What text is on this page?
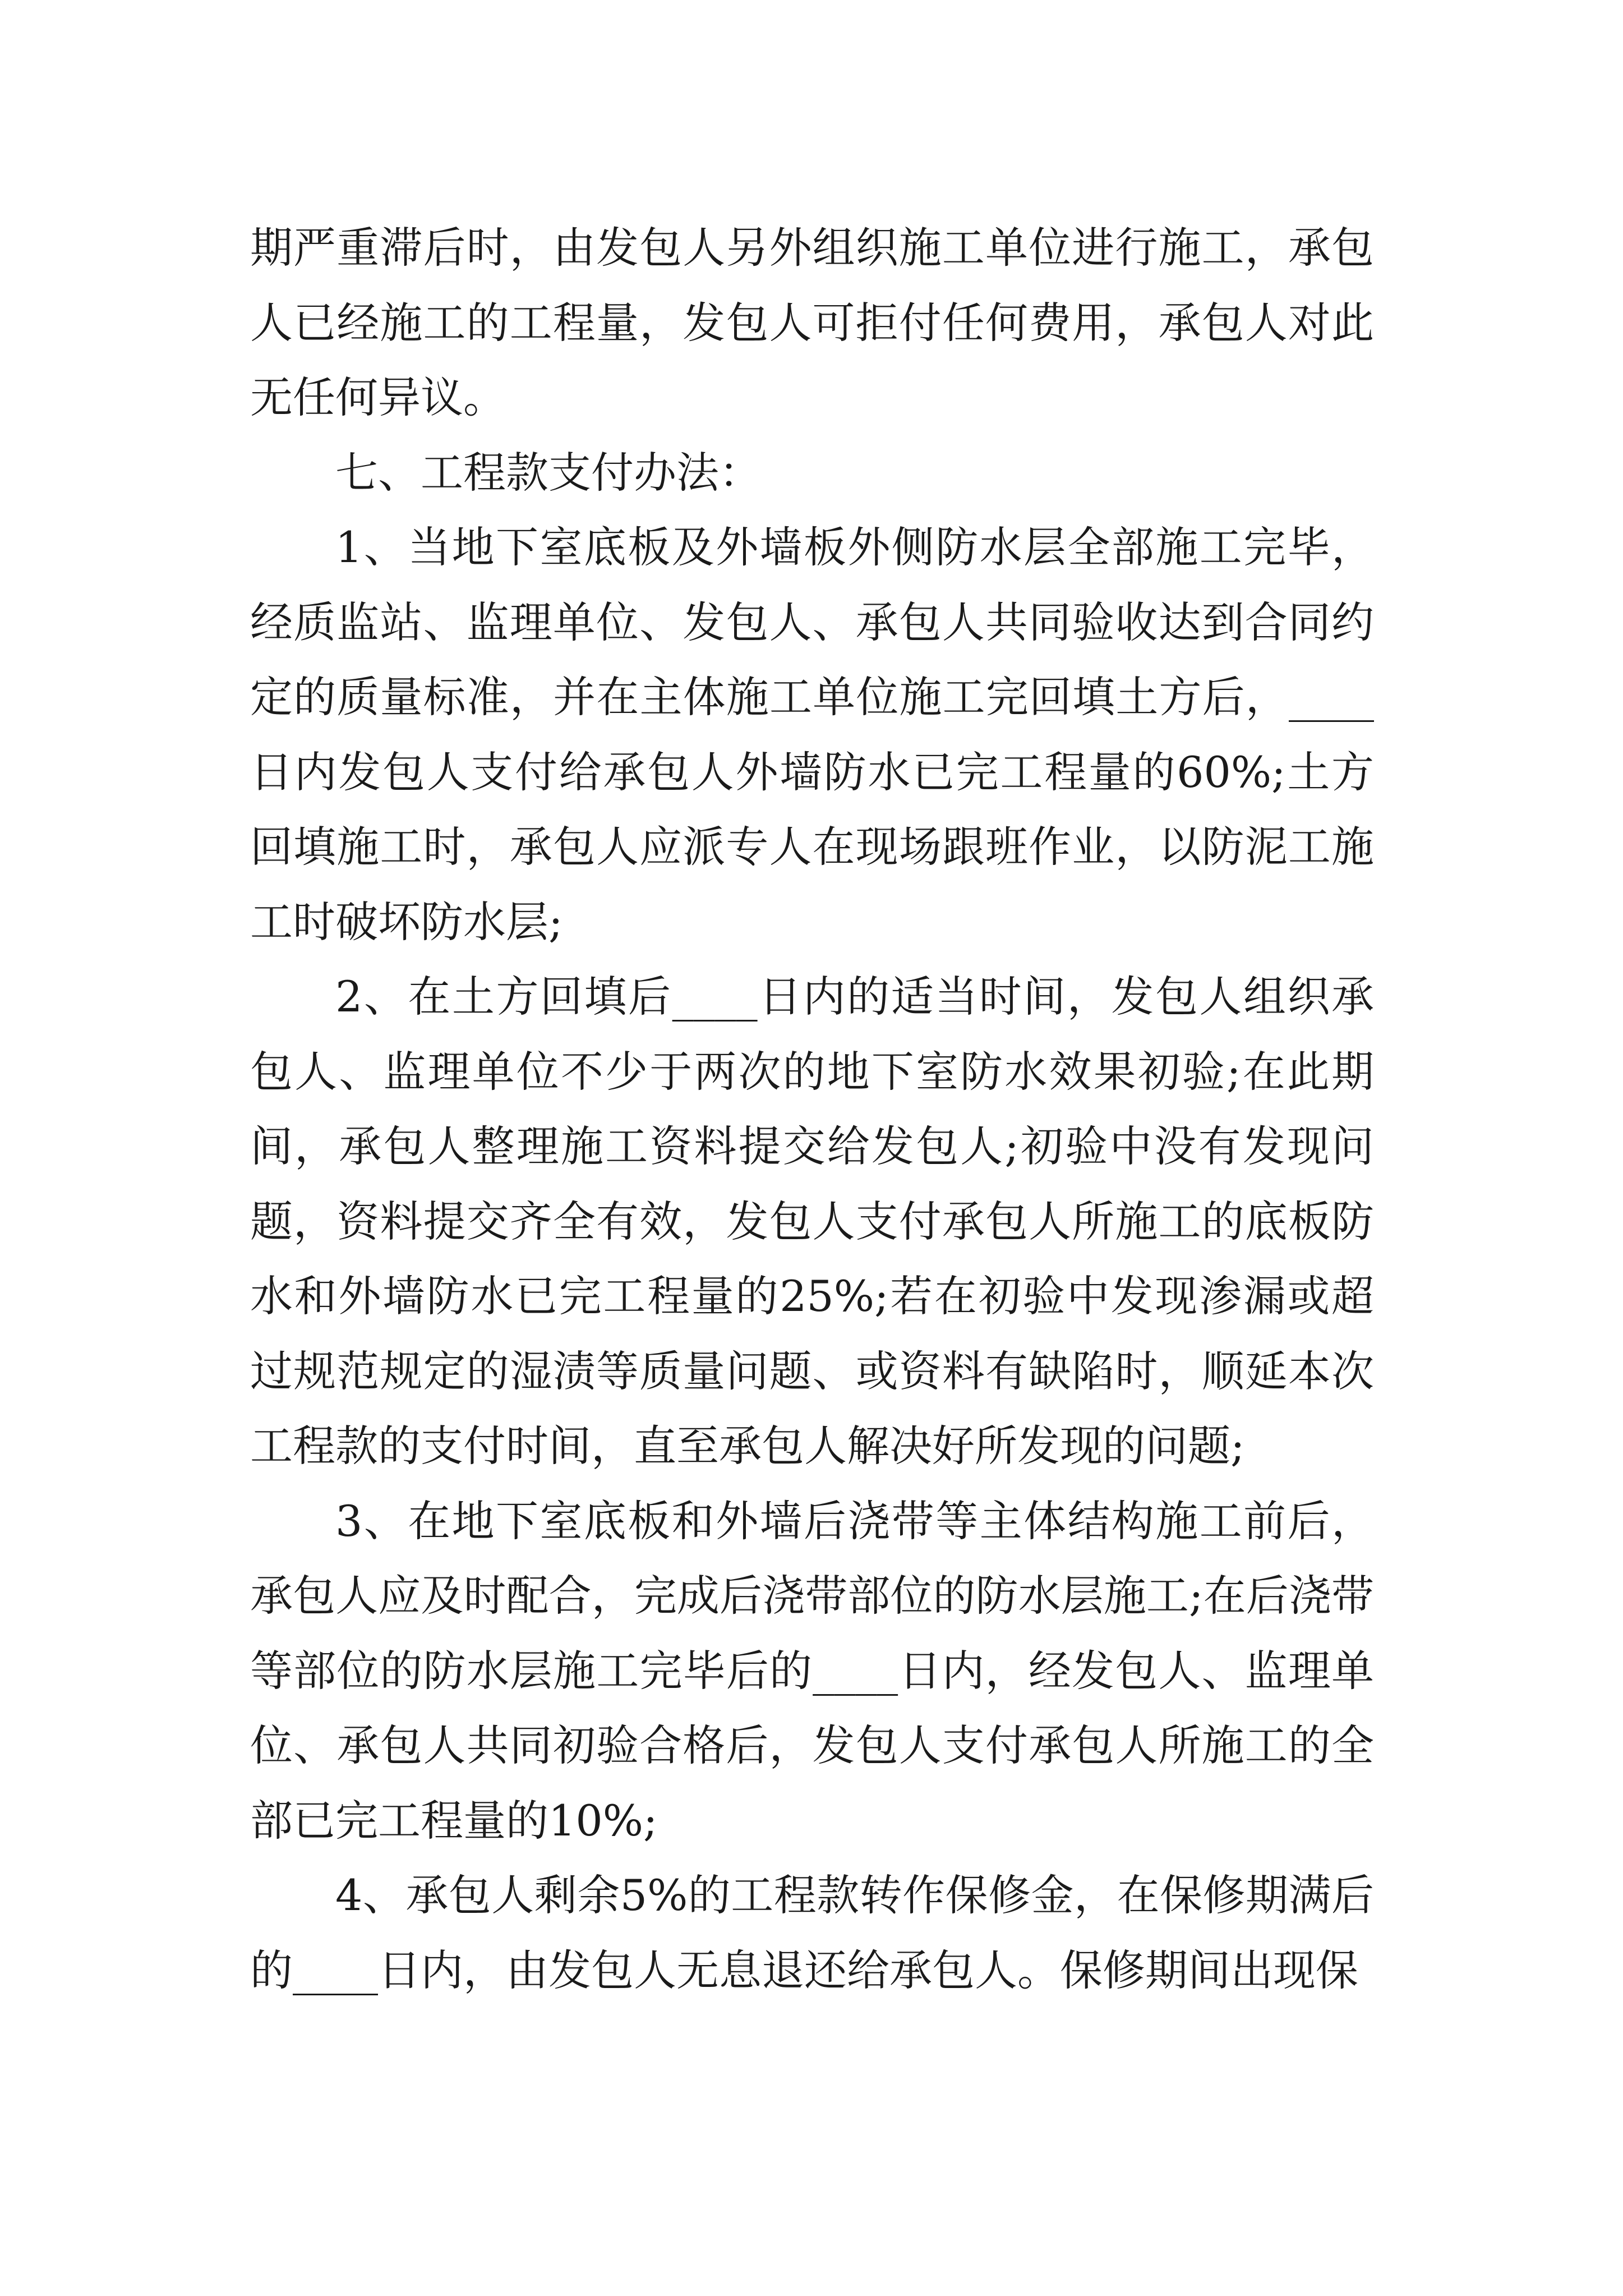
期严重滞后时，由发包人另外组织施工单位进行施工，承包人已经施工的工程量，发包人可拒付任何费用，承包人对此无任何异议。

七、工程款支付办法：

1、当地下室底板及外墙板外侧防水层全部施工完毕，经质监站、监理单位、发包人、承包人共同验收达到合同约定的质量标准，并在主体施工单位施工完回填土方后，____日内发包人支付给承包人外墙防水已完工程量的60%;土方回填施工时，承包人应派专人在现场跟班作业，以防泥工施工时破坏防水层;

2、在土方回填后____日内的适当时间，发包人组织承包人、监理单位不少于两次的地下室防水效果初验;在此期间，承包人整理施工资料提交给发包人;初验中没有发现问题，资料提交齐全有效，发包人支付承包人所施工的底板防水和外墙防水已完工程量的25%;若在初验中发现渗漏或超过规范规定的湿渍等质量问题、或资料有缺陷时，顺延本次工程款的支付时间，直至承包人解决好所发现的问题;

3、在地下室底板和外墙后浇带等主体结构施工前后，承包人应及时配合，完成后浇带部位的防水层施工;在后浇带等部位的防水层施工完毕后的____日内，经发包人、监理单位、承包人共同初验合格后，发包人支付承包人所施工的全部已完工程量的10%;

4、承包人剩余5%的工程款转作保修金，在保修期满后的____日内，由发包人无息退还给承包人。保修期间出现保
